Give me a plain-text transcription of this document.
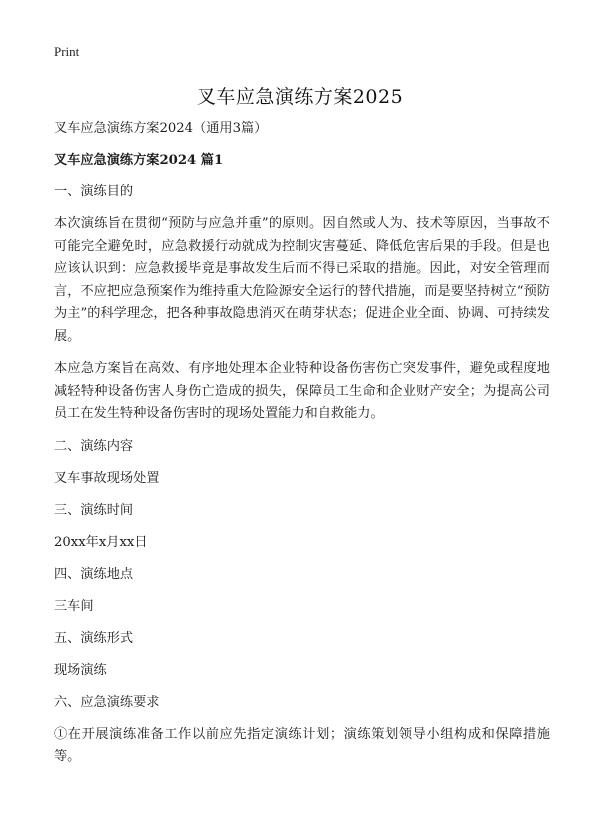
Print
叉车应急演练方案2025

叉车应急演练方案2024（通用3篇）

叉车应急演练方案2024 篇1

一、演练目的

本次演练旨在贯彻“预防与应急并重”的原则。因自然或人为、技术等原因，当事故不可能完全避免时，应急救援行动就成为控制灾害蔓延、降低危害后果的手段。但是也应该认识到：应急救援毕竟是事故发生后而不得已采取的措施。因此，对安全管理而言，不应把应急预案作为维持重大危险源安全运行的替代措施，而是要坚持树立“预防为主”的科学理念，把各种事故隐患消灭在萌芽状态；促进企业全面、协调、可持续发展。

本应急方案旨在高效、有序地处理本企业特种设备伤害伤亡突发事件，避免或程度地减轻特种设备伤害人身伤亡造成的损失，保障员工生命和企业财产安全；为提高公司员工在发生特种设备伤害时的现场处置能力和自救能力。

二、演练内容

叉车事故现场处置

三、演练时间

20xx年x月xx日

四、演练地点

三车间

五、演练形式

现场演练

六、应急演练要求

①在开展演练准备工作以前应先指定演练计划；演练策划领导小组构成和保障措施等。
